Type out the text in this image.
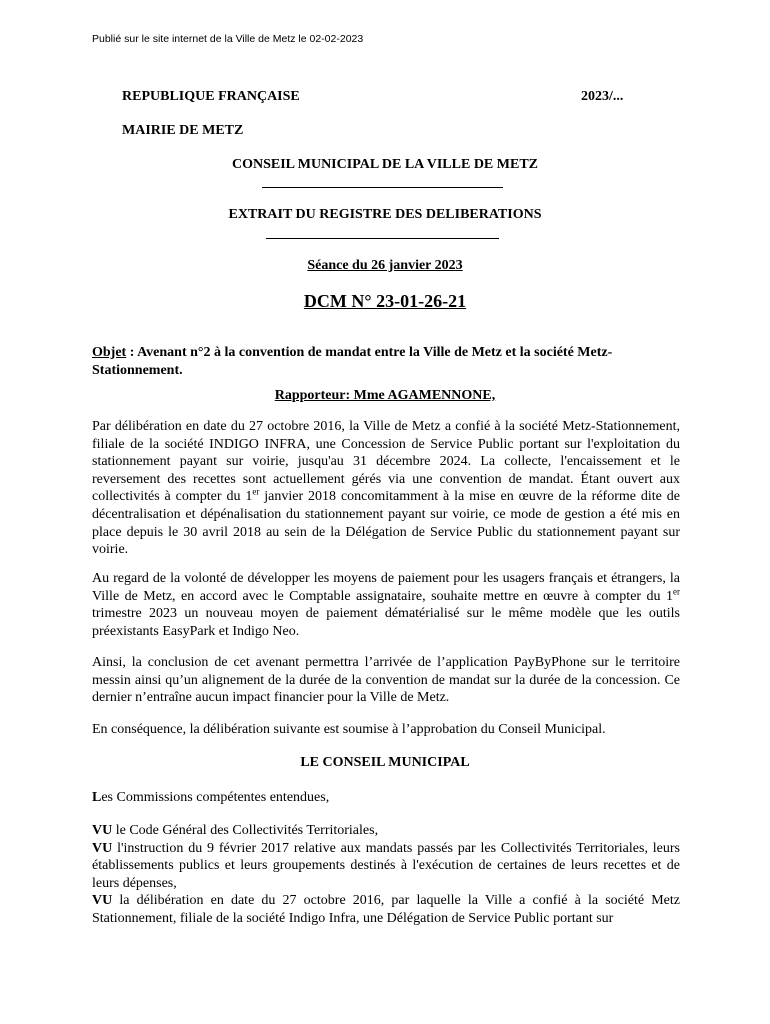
Publié sur le site internet de la Ville de Metz le 02-02-2023
REPUBLIQUE FRANÇAISE	2023/...
MAIRIE DE METZ
CONSEIL MUNICIPAL DE LA VILLE DE METZ
EXTRAIT DU REGISTRE DES DELIBERATIONS
Séance du 26 janvier 2023
DCM N° 23-01-26-21
Objet : Avenant n°2 à la convention de mandat entre la Ville de Metz et la société Metz-Stationnement.
Rapporteur: Mme AGAMENNONE,

Par délibération en date du 27 octobre 2016, la Ville de Metz a confié à la société Metz-Stationnement, filiale de la société INDIGO INFRA, une Concession de Service Public portant sur l'exploitation du stationnement payant sur voirie, jusqu'au 31 décembre 2024. La collecte, l'encaissement et le reversement des recettes sont actuellement gérés via une convention de mandat. Étant ouvert aux collectivités à compter du 1er janvier 2018 concomitamment à la mise en œuvre de la réforme dite de décentralisation et dépénalisation du stationnement payant sur voirie, ce mode de gestion a été mis en place depuis le 30 avril 2018 au sein de la Délégation de Service Public du stationnement payant sur voirie.

Au regard de la volonté de développer les moyens de paiement pour les usagers français et étrangers, la Ville de Metz, en accord avec le Comptable assignataire, souhaite mettre en œuvre à compter du 1er trimestre 2023 un nouveau moyen de paiement dématérialisé sur le même modèle que les outils préexistants EasyPark et Indigo Neo.

Ainsi, la conclusion de cet avenant permettra l’arrivée de l’application PayByPhone sur le territoire messin ainsi qu’un alignement de la durée de la convention de mandat sur la durée de la concession. Ce dernier n’entraîne aucun impact financier pour la Ville de Metz.

En conséquence, la délibération suivante est soumise à l’approbation du Conseil Municipal.

LE CONSEIL MUNICIPAL

Les Commissions compétentes entendues,

VU le Code Général des Collectivités Territoriales,

VU l'instruction du 9 février 2017 relative aux mandats passés par les Collectivités Territoriales, leurs établissements publics et leurs groupements destinés à l'exécution de certaines de leurs recettes et de leurs dépenses,

VU la délibération en date du 27 octobre 2016, par laquelle la Ville a confié à la société Metz Stationnement, filiale de la société Indigo Infra, une Délégation de Service Public portant sur
